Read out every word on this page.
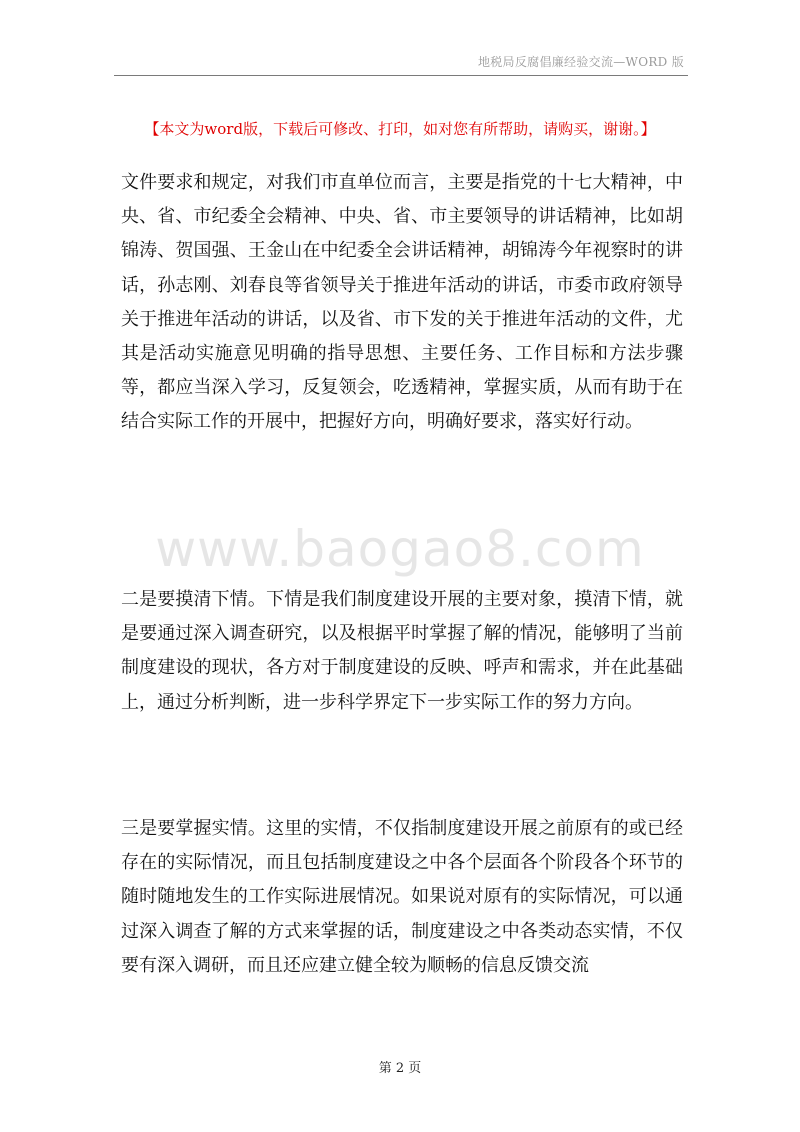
地税局反腐倡廉经验交流—WORD 版
【本文为word版，下载后可修改、打印，如对您有所帮助，请购买，谢谢。】
www.baogao8.com
文件要求和规定，对我们市直单位而言，主要是指党的十七大精神，中央、省、市纪委全会精神、中央、省、市主要领导的讲话精神，比如胡锦涛、贺国强、王金山在中纪委全会讲话精神，胡锦涛今年视察时的讲话，孙志刚、刘春良等省领导关于推进年活动的讲话，市委市政府领导关于推进年活动的讲话，以及省、市下发的关于推进年活动的文件，尤其是活动实施意见明确的指导思想、主要任务、工作目标和方法步骤等，都应当深入学习，反复领会，吃透精神，掌握实质，从而有助于在结合实际工作的开展中，把握好方向，明确好要求，落实好行动。
二是要摸清下情。下情是我们制度建设开展的主要对象，摸清下情，就是要通过深入调查研究，以及根据平时掌握了解的情况，能够明了当前制度建设的现状，各方对于制度建设的反映、呼声和需求，并在此基础上，通过分析判断，进一步科学界定下一步实际工作的努力方向。
三是要掌握实情。这里的实情，不仅指制度建设开展之前原有的或已经存在的实际情况，而且包括制度建设之中各个层面各个阶段各个环节的随时随地发生的工作实际进展情况。如果说对原有的实际情况，可以通过深入调查了解的方式来掌握的话，制度建设之中各类动态实情，不仅要有深入调研，而且还应建立健全较为顺畅的信息反馈交流
第 2 页
